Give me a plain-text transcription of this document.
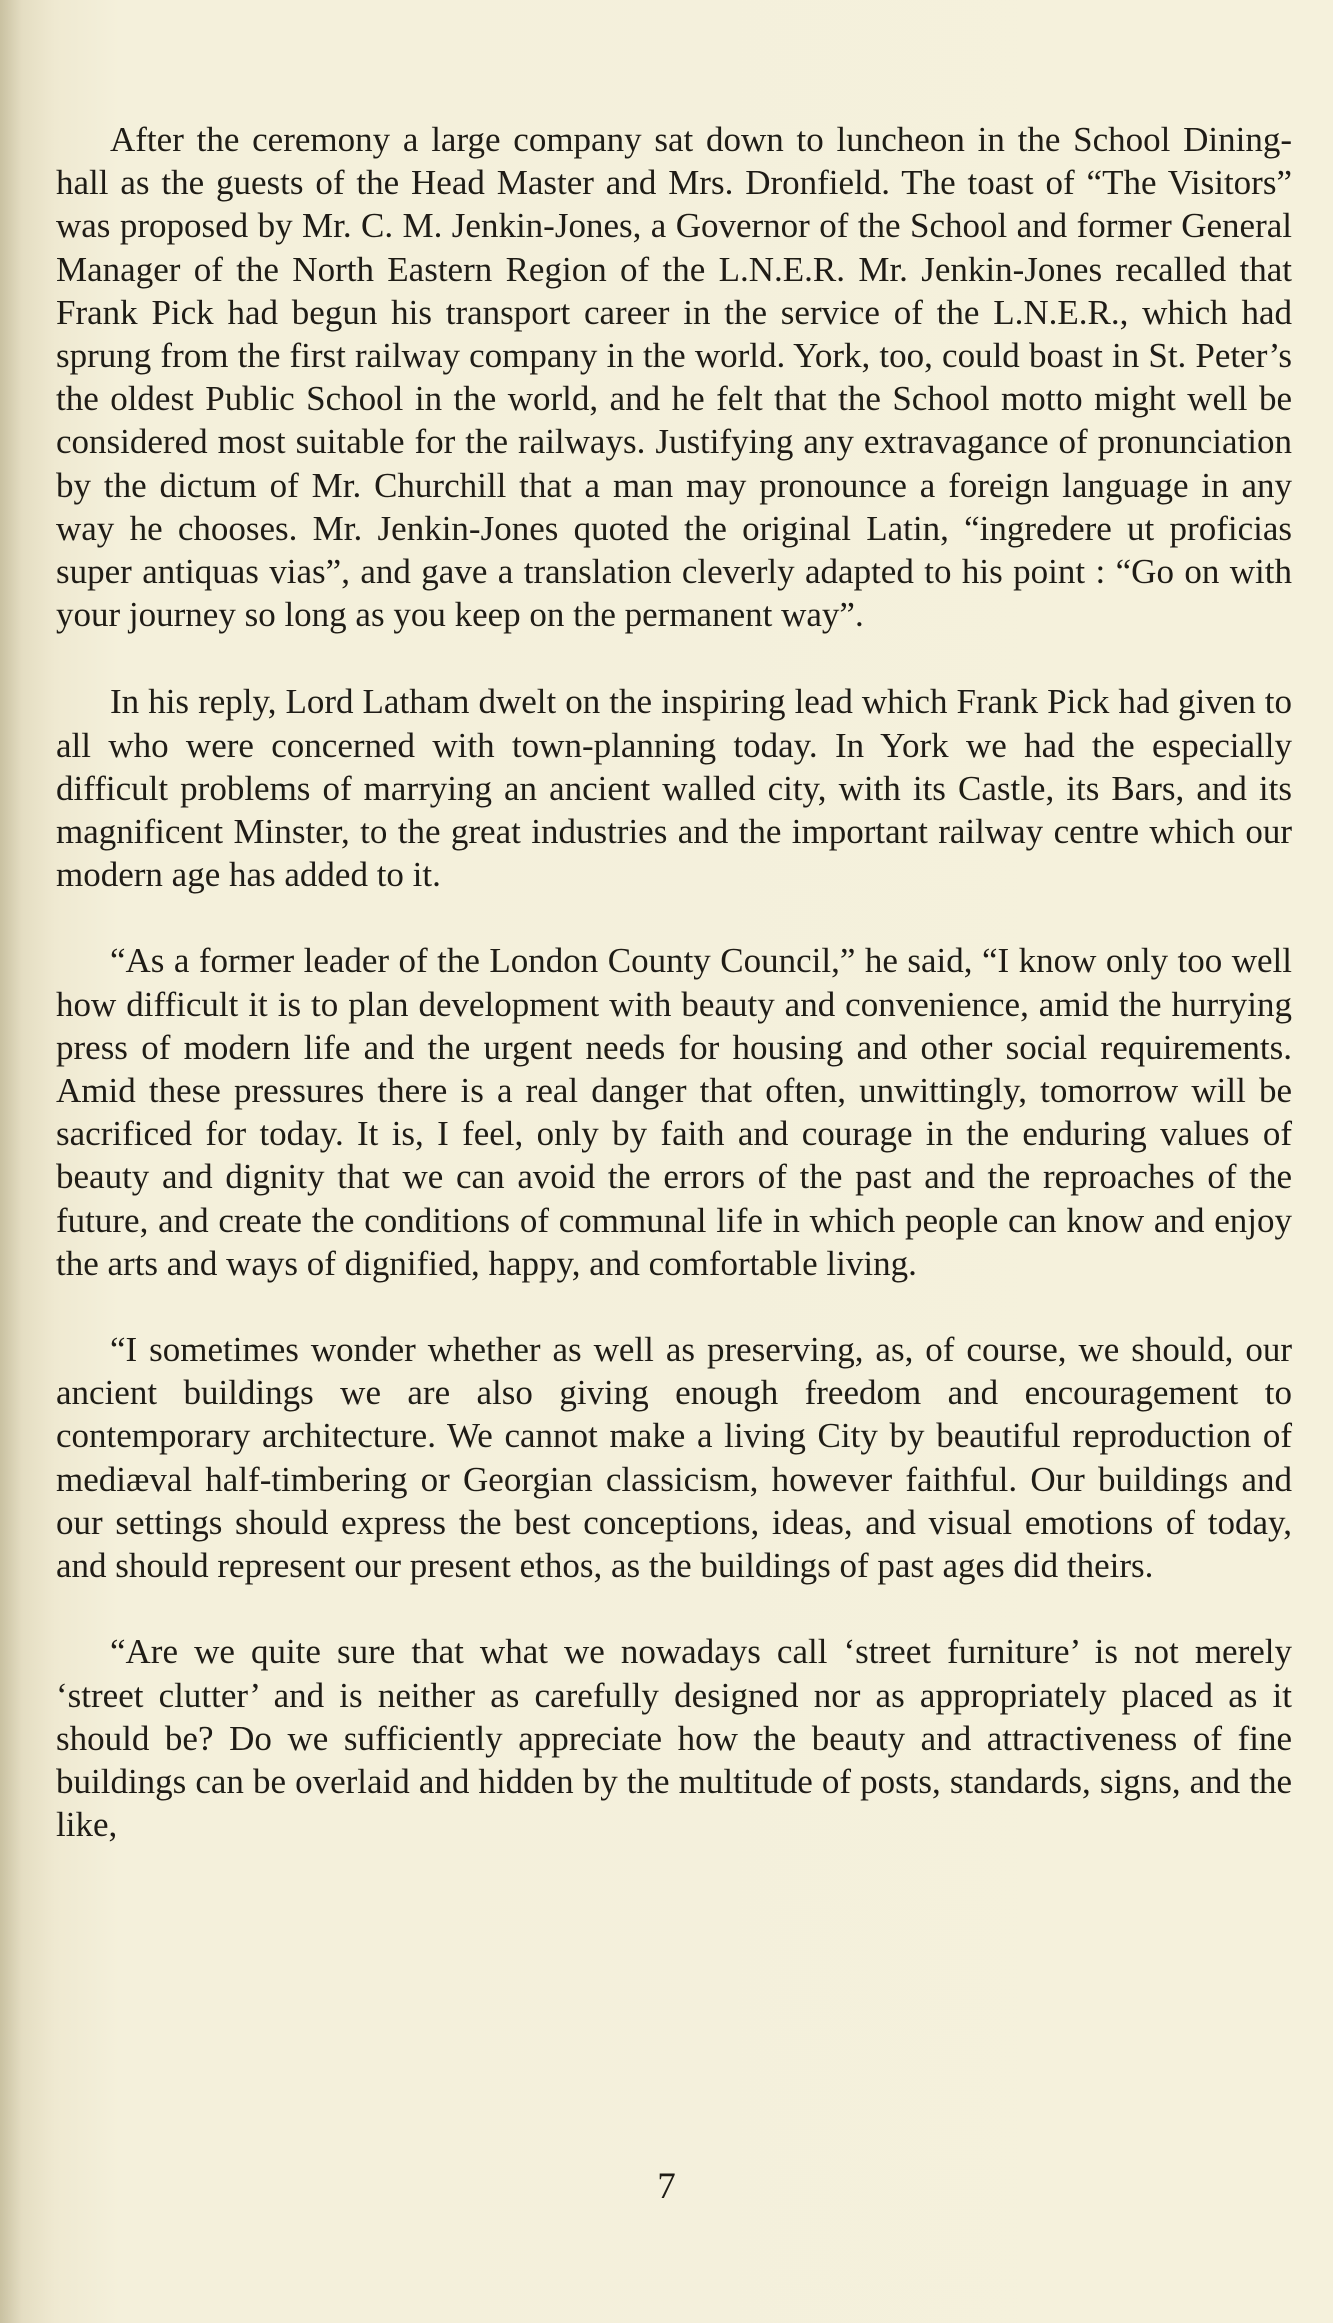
After the ceremony a large company sat down to luncheon in the School Dining-hall as the guests of the Head Master and Mrs. Dronfield. The toast of “The Visitors” was proposed by Mr. C. M. Jenkin-Jones, a Governor of the School and former General Manager of the North Eastern Region of the L.N.E.R. Mr. Jenkin-Jones recalled that Frank Pick had begun his transport career in the service of the L.N.E.R., which had sprung from the first railway company in the world. York, too, could boast in St. Peter’s the oldest Public School in the world, and he felt that the School motto might well be considered most suitable for the railways. Justifying any extravagance of pronunciation by the dictum of Mr. Churchill that a man may pronounce a foreign language in any way he chooses. Mr. Jenkin-Jones quoted the original Latin, “ingredere ut proficias super antiquas vias”, and gave a translation cleverly adapted to his point : “Go on with your journey so long as you keep on the permanent way”.

In his reply, Lord Latham dwelt on the inspiring lead which Frank Pick had given to all who were concerned with town-planning today. In York we had the especially difficult problems of marrying an ancient walled city, with its Castle, its Bars, and its magnificent Minster, to the great industries and the important railway centre which our modern age has added to it.

“As a former leader of the London County Council,” he said, “I know only too well how difficult it is to plan development with beauty and convenience, amid the hurrying press of modern life and the urgent needs for housing and other social requirements. Amid these pressures there is a real danger that often, unwittingly, tomorrow will be sacrificed for today. It is, I feel, only by faith and courage in the enduring values of beauty and dignity that we can avoid the errors of the past and the reproaches of the future, and create the conditions of communal life in which people can know and enjoy the arts and ways of dignified, happy, and comfortable living.

“I sometimes wonder whether as well as preserving, as, of course, we should, our ancient buildings we are also giving enough freedom and encouragement to contemporary architecture. We cannot make a living City by beautiful reproduction of mediæval half-timbering or Georgian classicism, however faithful. Our buildings and our settings should express the best conceptions, ideas, and visual emotions of today, and should represent our present ethos, as the buildings of past ages did theirs.

“Are we quite sure that what we nowadays call ‘street furniture’ is not merely ‘street clutter’ and is neither as carefully designed nor as appropriately placed as it should be? Do we sufficiently appreciate how the beauty and attractiveness of fine buildings can be overlaid and hidden by the multitude of posts, standards, signs, and the like,

7
